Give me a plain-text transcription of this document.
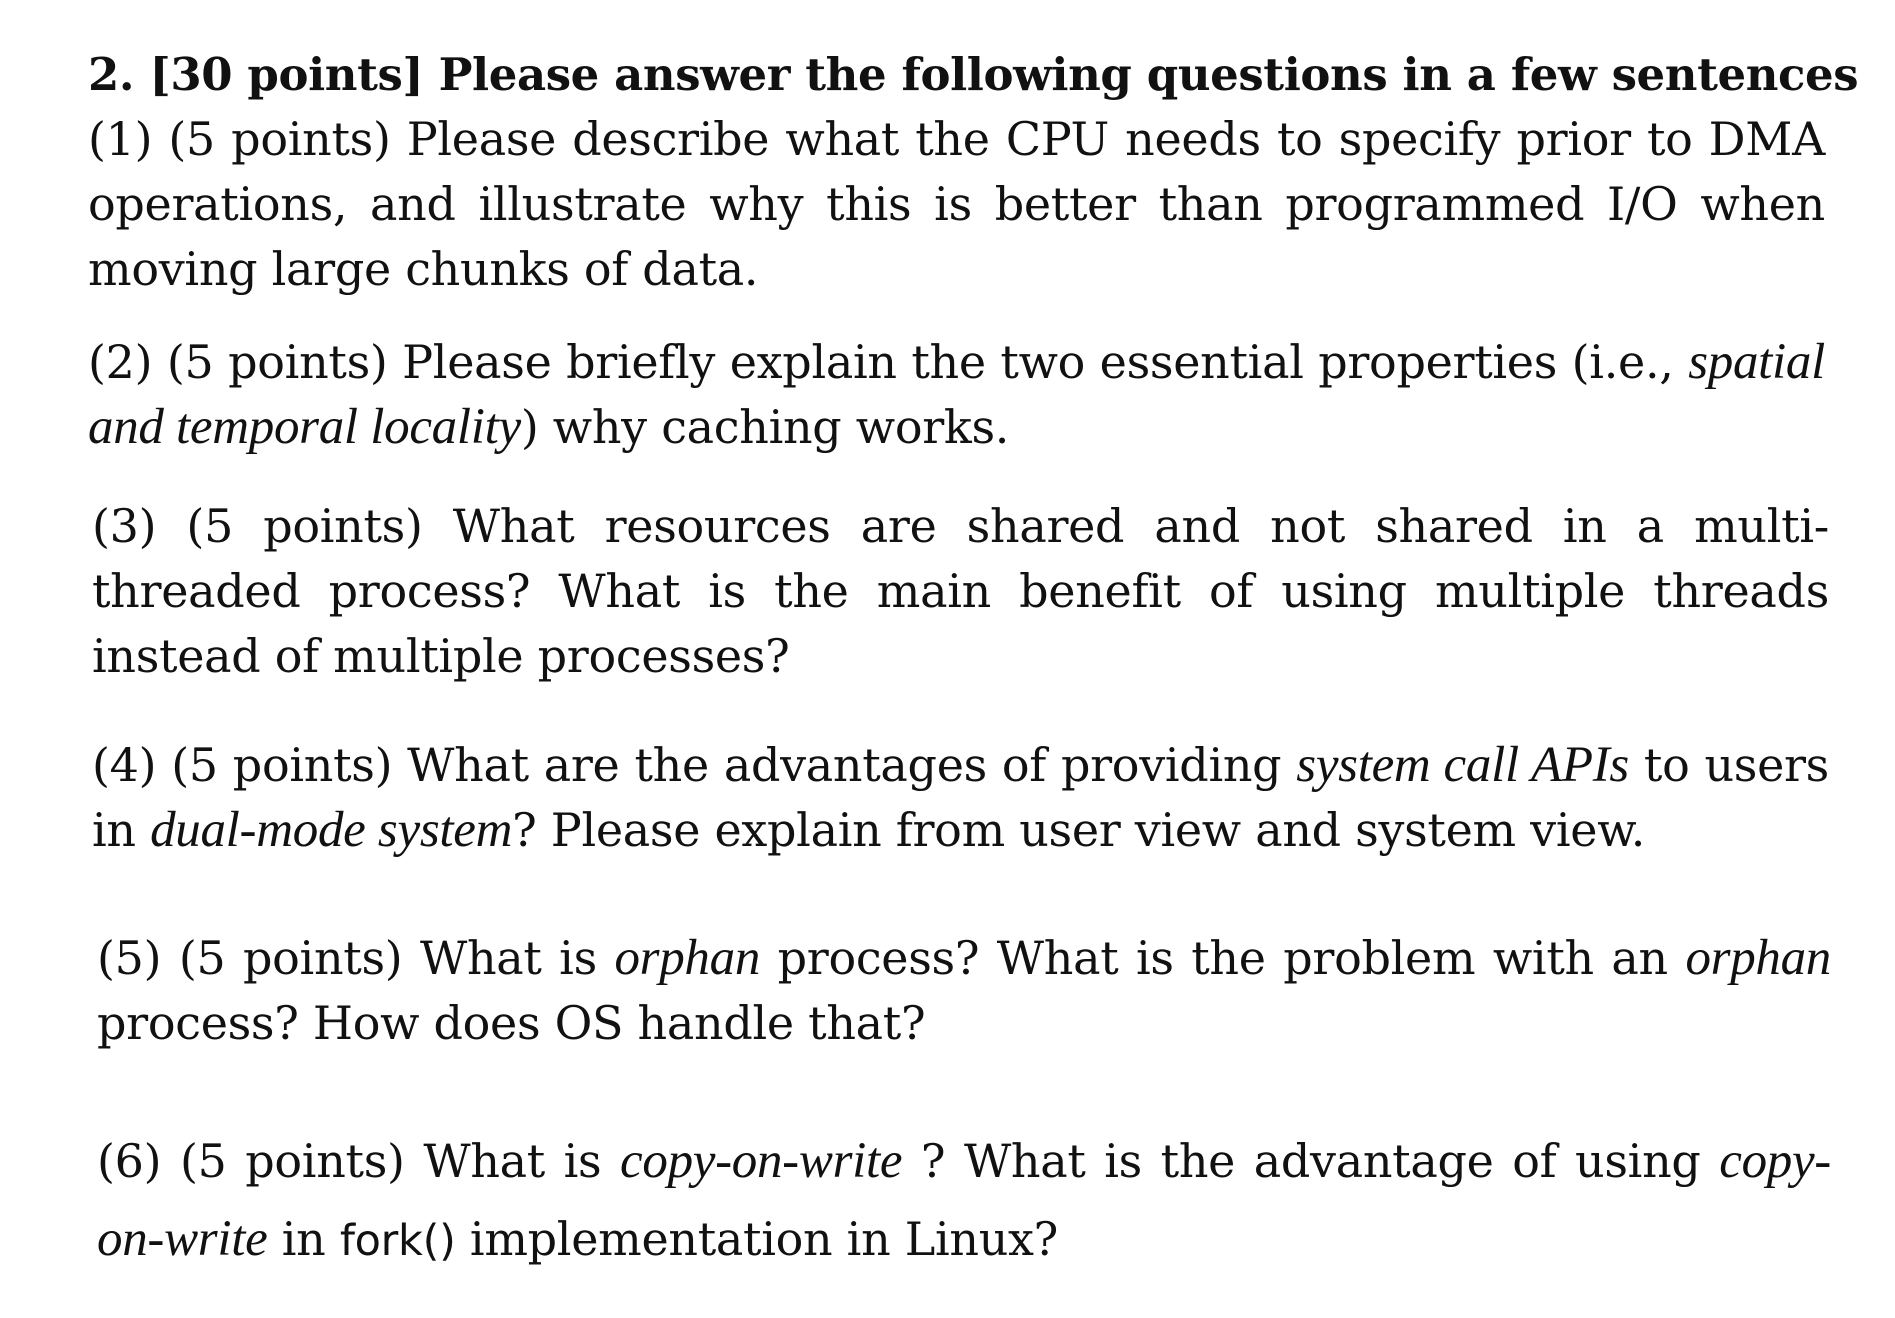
2. [30 points] Please answer the following questions in a few sentences
(1) (5 points) Please describe what the CPU needs to specify prior to DMA operations, and illustrate why this is better than programmed I/O when moving large chunks of data.
(2) (5 points) Please briefly explain the two essential properties (i.e., spatial and temporal locality) why caching works.
(3) (5 points) What resources are shared and not shared in a multi-threaded process? What is the main benefit of using multiple threads instead of multiple processes?
(4) (5 points) What are the advantages of providing system call APIs to users in dual-mode system? Please explain from user view and system view.
(5) (5 points) What is orphan process? What is the problem with an orphan process? How does OS handle that?
(6) (5 points) What is copy-on-write ? What is the advantage of using copy-on-write in fork() implementation in Linux?
